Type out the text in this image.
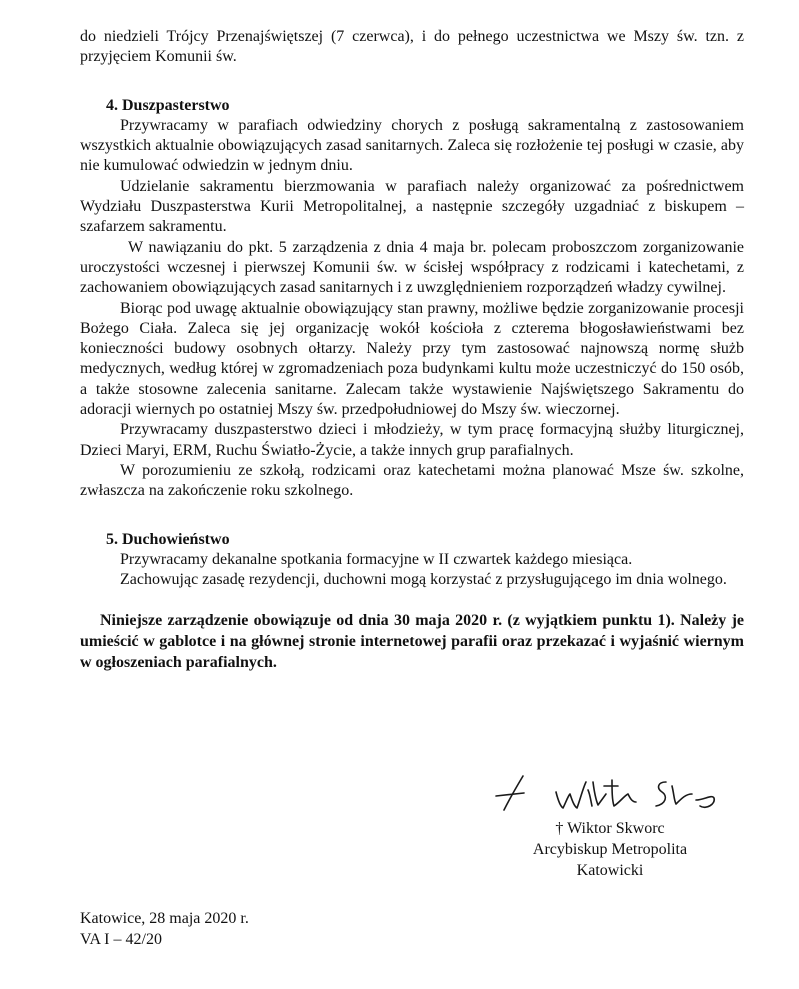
do niedzieli Trójcy Przenajświętszej (7 czerwca), i do pełnego uczestnictwa we Mszy św. tzn. z przyjęciem Komunii św.

4. Duszpasterstwo

Przywracamy w parafiach odwiedziny chorych z posługą sakramentalną z zastosowaniem wszystkich aktualnie obowiązujących zasad sanitarnych. Zaleca się rozłożenie tej posługi w czasie, aby nie kumulować odwiedzin w jednym dniu.

Udzielanie sakramentu bierzmowania w parafiach należy organizować za pośrednictwem Wydziału Duszpasterstwa Kurii Metropolitalnej, a następnie szczegóły uzgadniać z biskupem – szafarzem sakramentu.

W nawiązaniu do pkt. 5 zarządzenia z dnia 4 maja br. polecam proboszczom zorganizowanie uroczystości wczesnej i pierwszej Komunii św. w ścisłej współpracy z rodzicami i katechetami, z zachowaniem obowiązujących zasad sanitarnych i z uwzględnieniem rozporządzeń władzy cywilnej.

Biorąc pod uwagę aktualnie obowiązujący stan prawny, możliwe będzie zorganizowanie procesji Bożego Ciała. Zaleca się jej organizację wokół kościoła z czterema błogosławieństwami bez konieczności budowy osobnych ołtarzy. Należy przy tym zastosować najnowszą normę służb medycznych, według której w zgromadzeniach poza budynkami kultu może uczestniczyć do 150 osób, a także stosowne zalecenia sanitarne. Zalecam także wystawienie Najświętszego Sakramentu do adoracji wiernych po ostatniej Mszy św. przedpołudniowej do Mszy św. wieczornej.

Przywracamy duszpasterstwo dzieci i młodzieży, w tym pracę formacyjną służby liturgicznej, Dzieci Maryi, ERM, Ruchu Światło-Życie, a także innych grup parafialnych.

W porozumieniu ze szkołą, rodzicami oraz katechetami można planować Msze św. szkolne, zwłaszcza na zakończenie roku szkolnego.

5. Duchowieństwo

Przywracamy dekanalne spotkania formacyjne w II czwartek każdego miesiąca.

Zachowując zasadę rezydencji, duchowni mogą korzystać z przysługującego im dnia wolnego.

Niniejsze zarządzenie obowiązuje od dnia 30 maja 2020 r. (z wyjątkiem punktu 1). Należy je umieścić w gablotce i na głównej stronie internetowej parafii oraz przekazać i wyjaśnić wiernym w ogłoszeniach parafialnych.

† Wiktor Skworc
Arcybiskup Metropolita
Katowicki

Katowice, 28 maja 2020 r.

VA I – 42/20
